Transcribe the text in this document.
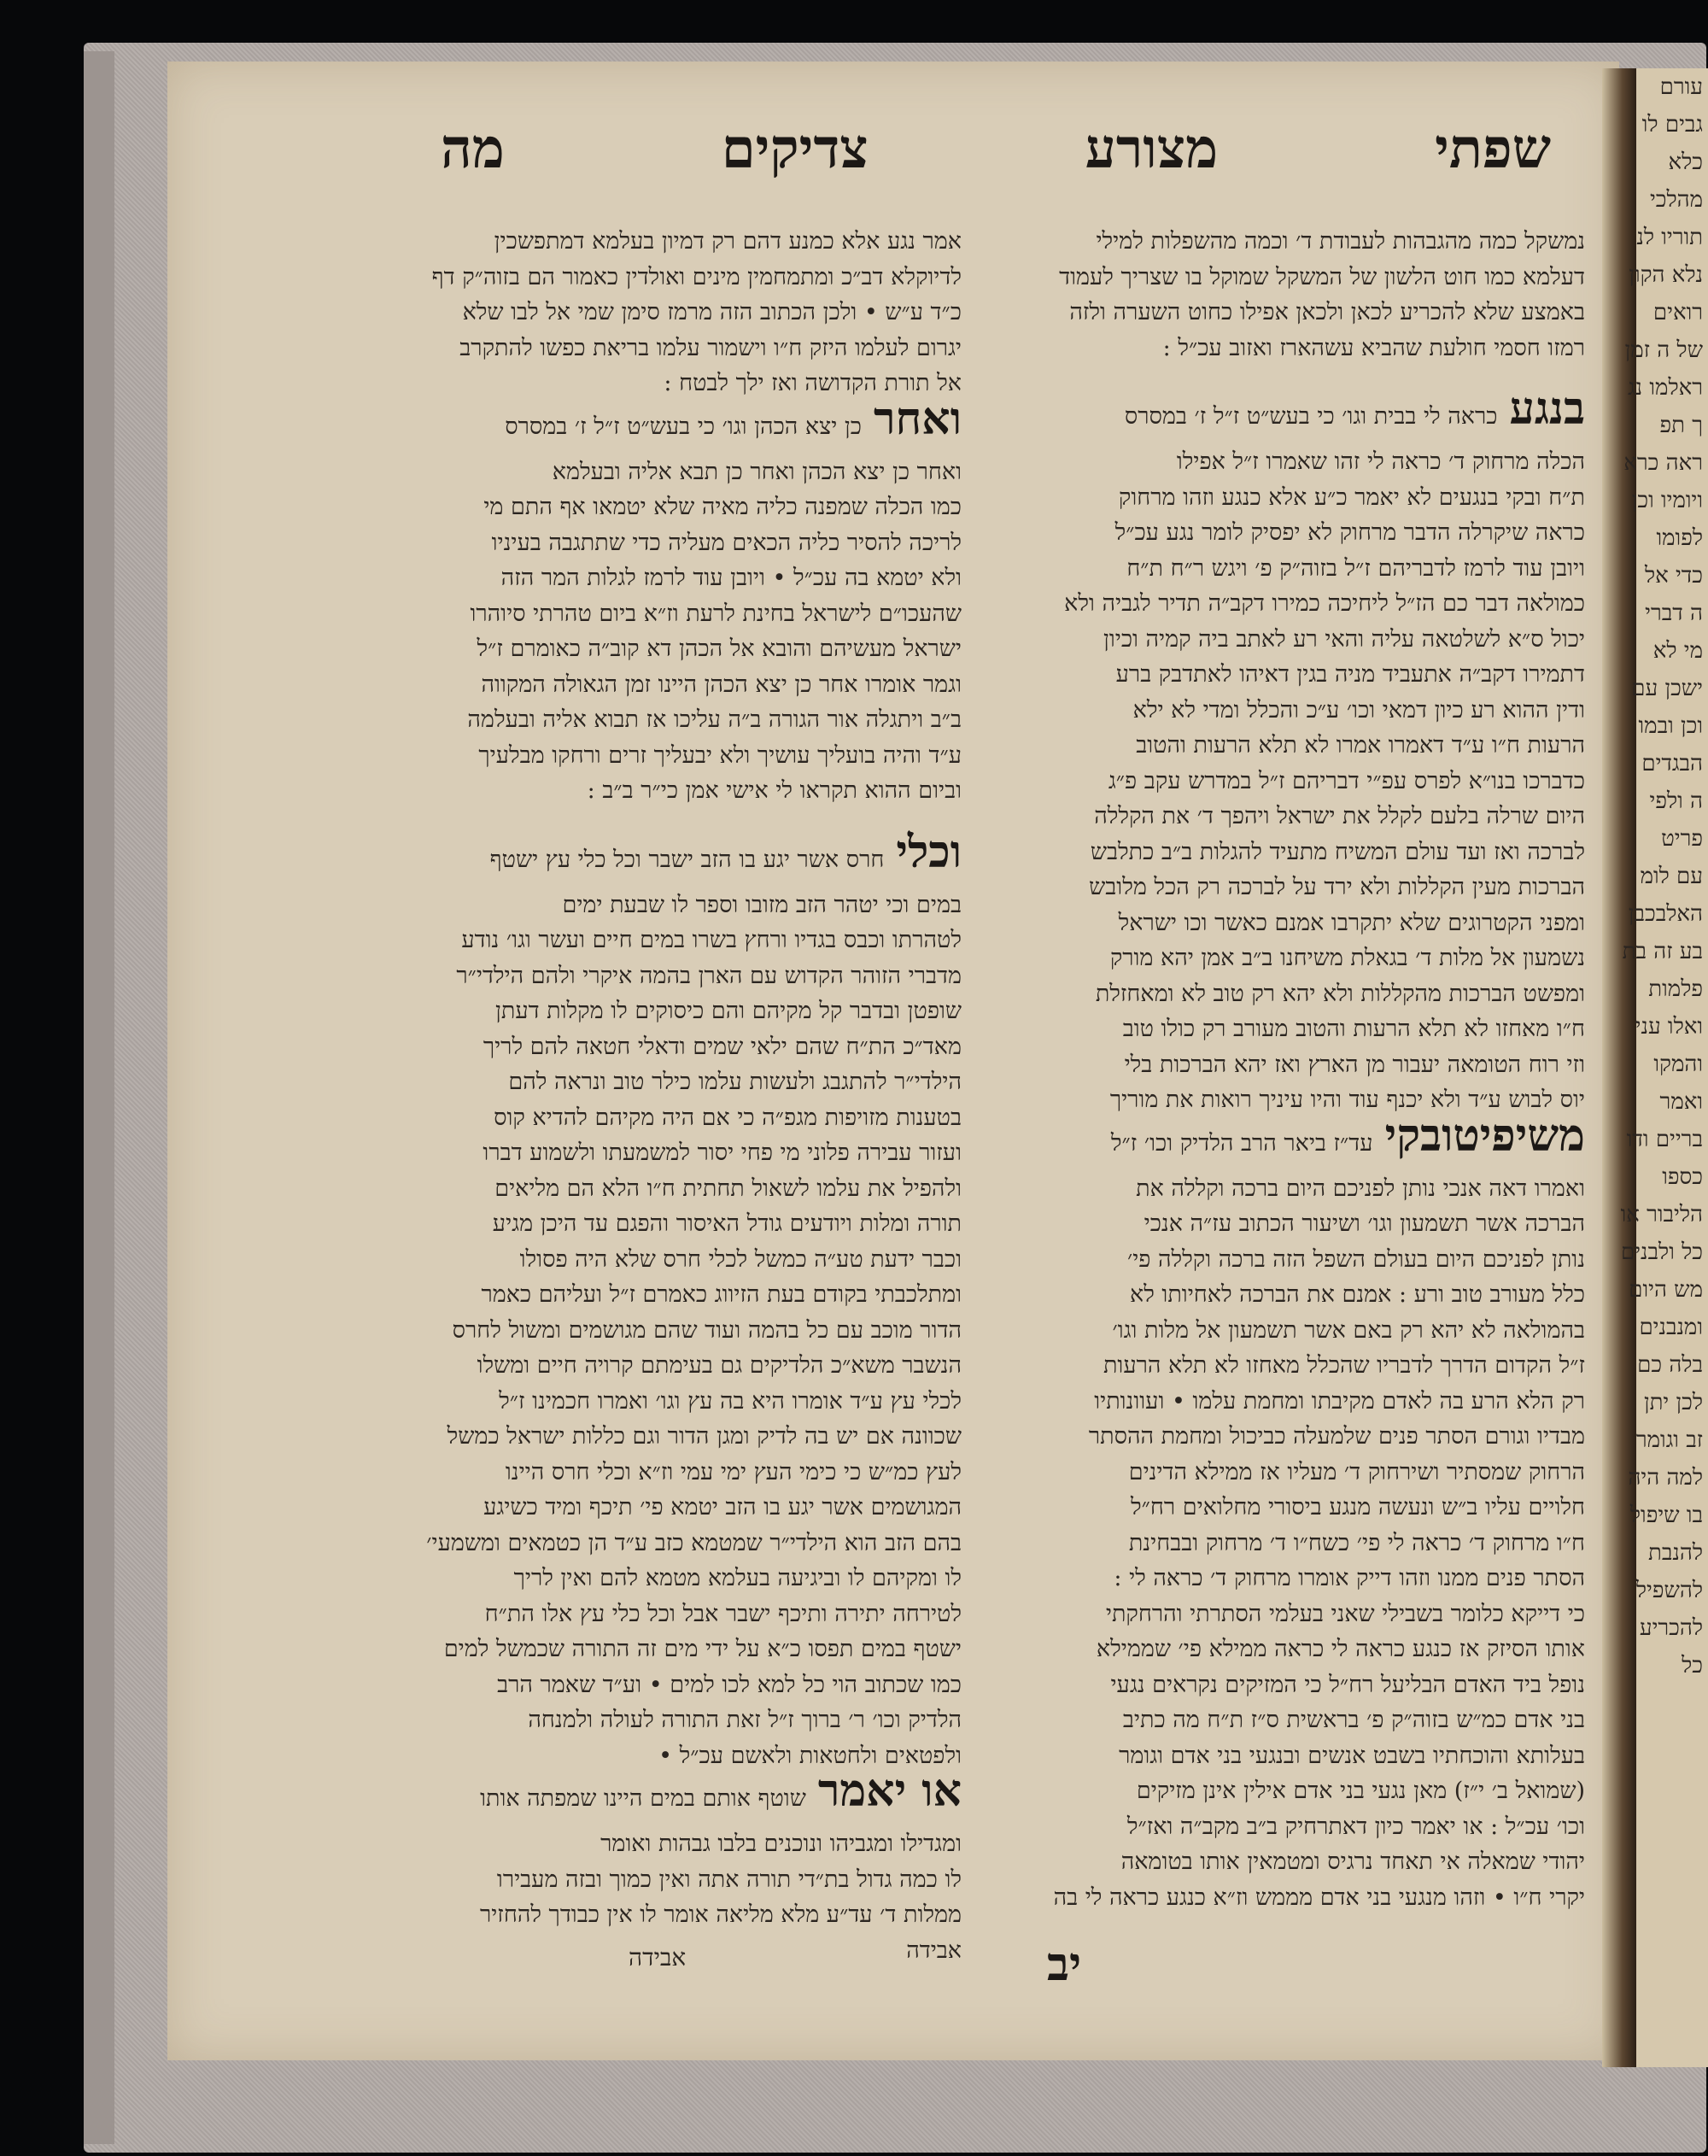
שפתי
מצורע
צדיקים
מה
נמשקל כמה מהגבהות לעבודת ד׳ וכמה מהשפלות למילי
דעלמא כמו חוט הלשון של המשקל שמוקל בו שצריך לעמוד
באמצע שלא להכריע לכאן ולכאן אפילו כחוט השערה ולזה
רמזו חסמי חולעת שהביא עשהארז ואזוב עכ״ל :
בנגעכראה לי בבית וגו׳ כי בעש״ט ז״ל ז׳ במסרס
הכלה מרחוק ד׳ כראה לי זהו שאמרו ז״ל אפילו
ת״ח ובקי בנגעים לא יאמר כ״ע אלא כנגע וזהו מרחוק
כראה שיקרלה הדבר מרחוק לא יפסיק לומר נגע עכ״ל
ויובן עוד לרמז לדבריהם ז״ל בזוה״ק פ׳ ויגש ר״ח ת״ח
כמולאה דבר כם הז״ל ליחיכה כמירו דקב״ה תדיר לגביה ולא
יכול ס״א לשלטאה עליה והאי רע לאתב ביה קמיה וכיון
דתמירו דקב״ה אתעביד מניה בגין דאיהו לאתדבק ברע
ודין ההוא רע כיון דמאי וכו׳ ע״כ והכלל ומדי לא ילא
הרעות ח״ו ע״ד דאמרו אמרו לא תלא הרעות והטוב
כדברכו בנו״א לפרס עפ״י דבריהם ז״ל במדרש עקב פ״ג
היום שרלה בלעם לקלל את ישראל ויהפך ד׳ את הקללה
לברכה ואז ועד עולם המשיח מתעיד להגלות ב״ב כתלבש
הברכות מעין הקללות ולא ירד על לברכה רק הכל מלובש
ומפני הקטרוגים שלא יתקרבו אמנם כאשר וכו ישראל
נשמעון אל מלות ד׳ בגאלת משיחנו ב״ב אמן יהא מורק
ומפשט הברכות מהקללות ולא יהא רק טוב לא ומאחזלת
ח״ו מאחזו לא תלא הרעות והטוב מעורב רק כולו טוב
וזי רוח הטומאה יעבור מן הארץ ואז יהא הברכות בלי
יוס לבוש ע״ד ולא יכנף עוד והיו עיניך רואות את מוריך
משיפיטובקיעד״ז ביאר הרב הלדיק וכו׳ ז״ל
ואמרו דאה אנכי נותן לפניכם היום ברכה וקללה את
הברכה אשר תשמעון וגו׳ ושיעור הכתוב עז״ה אנכי
נותן לפניכם היום בעולם השפל הזה ברכה וקללה פי׳
כלל מעורב טוב ורע : אמנם את הברכה לאחיותו לא
בהמולאה לא יהא רק באם אשר תשמעון אל מלות וגו׳
ז״ל הקדום הדרך לדבריו שהכלל מאחזו לא תלא הרעות
רק הלא הרע בה לאדם מקיבתו ומחמת עלמו • ועוונותיו
מבדיו וגורם הסתר פנים שלמעלה כביכול ומחמת ההסתר
הרחוק שמסתיר ושירחוק ד׳ מעליו אז ממילא הדינים
חלויים עליו ב״ש ונעשה מנגע ביסורי מחלואים רח״ל
ח״ו מרחוק ד׳ כראה לי פי׳ כשח״ו ד׳ מרחוק ובבחינת
הסתר פנים ממנו וזהו דייק אומרו מרחוק ד׳ כראה לי :
כי דייקא כלומר בשבילי שאני בעלמי הסתרתי והרחקתי
אותו הסיזק אז כנגע כראה לי כראה ממילא פי׳ שממילא
נופל ביד האדם הבליעל רח״ל כי המזיקים נקראים נגעי
בני אדם כמ״ש בזוה״ק פ׳ בראשית ס״ז ת״ח מה כתיב
בעלותא והוכחתיו בשבט אנשים ובנגעי בני אדם וגומר
(שמואל ב׳ י״ז) מאן נגעי בני אדם אילין אינן מזיקים
וכו׳ עכ״ל : או יאמר כיון דאתרחיק ב״ב מקב״ה ואז״ל
יהודי שמאלה אי תאחד נרגיס ומטמאין אותו בטומאה
יקרי ח״ו • וזהו מנגעי בני אדם מממש וז״א כנגע כראה לי בה
אמר נגע אלא כמנע דהם רק דמיון בעלמא דמתפשכין
לדיוקלא דב״כ ומתמחמין מינים ואולדין כאמור הם בזוה״ק דף
כ״ד ע״ש • ולכן הכתוב הזה מרמז סימן שמי אל לבו שלא
יגרום לעלמו היזק ח״ו וישמור עלמו בריאת כפשו להתקרב
אל תורת הקדושה ואז ילך לבטח :
ואחרכן יצא הכהן וגו׳ כי בעש״ט ז״ל ז׳ במסרס
ואחר כן יצא הכהן ואחר כן תבא אליה ובעלמא
כמו הכלה שמפנה כליה מאיה שלא יטמאו אף התם מי
לריכה להסיר כליה הכאים מעליה כדי שתתגבה בעיניו
ולא יטמא בה עכ״ל • ויובן עוד לרמז לגלות המר הזה
שהעכו״ם לישראל בחינת לרעת וז״א ביום טהרתי סיוהרו
ישראל מעשיהם והובא אל הכהן דא קוב״ה כאומרם ז״ל
וגמר אומרו אחר כן יצא הכהן היינו זמן הגאולה המקווה
ב״ב ויתגלה אור הגורה ב״ה עליכו אז תבוא אליה ובעלמה
ע״ד והיה בועליך עושיך ולא יבעליך זרים ורחקו מבלעיך
וביום ההוא תקראו לי אישי אמן כי״ר ב״ב :
וכליחרס אשר יגע בו הזב ישבר וכל כלי עץ ישטף
במים וכי יטהר הזב מזובו וספר לו שבעת ימים
לטהרתו וכבס בגדיו ורחץ בשרו במים חיים ועשר וגו׳ נודע
מדברי הזוהר הקדוש עם הארן בהמה איקרי ולהם הילדי״ר
שופטן ובדבר קל מקיהם והם כיסוקים לו מקלות דעתן
מאד״כ הת״ח שהם ילאי שמים ודאלי חטאה להם לריך
הילדי״ר להתגבג ולעשות עלמו כילר טוב ונראה להם
בטענות מזויפות מגפ״ה כי אם היה מקיהם להדיא קוס
ועזור עבירה פלוני מי פחי יסור למשמעתו ולשמוע דברו
ולהפיל את עלמו לשאול תחתית ח״ו הלא הם מליאים
תורה ומלות ויודעים גודל האיסור והפגם עד היכן מגיע
וכבר ידעת טע״ה כמשל לכלי חרס שלא היה פסולו
ומתלכבתי בקודם בעת הזיווג כאמרם ז״ל ועליהם כאמר
הדור מוכב עם כל בהמה ועוד שהם מגושמים ומשול לחרס
הנשבר משא״כ הלדיקים גם בעימתם קרויה חיים ומשלו
לכלי עץ ע״ד אומרו היא בה עץ וגו׳ ואמרו חכמינו ז״ל
שכוונה אם יש בה לדיק ומגן הדור וגם כללות ישראל כמשל
לעץ כמ״ש כי כימי העץ ימי עמי וז״א וכלי חרס היינו
המגושמים אשר יגע בו הזב יטמא פי׳ תיכף ומיד כשיגע
בהם הזב הוא הילדי״ר שמטמא כזב ע״ד הן כטמאים ומשמעי׳
לו ומקיהם לו וביגיעה בעלמא מטמא להם ואין לריך
לטירחה יתירה ותיכף ישבר אבל וכל כלי עץ אלו הת״ח
ישטף במים תפסו כ״א על ידי מים זה התורה שכמשל למים
כמו שכתוב הוי כל למא לכו למים • וע״ד שאמר הרב
הלדיק וכו׳ ר׳ ברוך ז״ל זאת התורה לעולה ולמנחה
ולפטאים ולחטאות ולאשם עכ״ל •
או יאמרשוטף אותם במים היינו שמפתה אותו
ומגדילו ומגביהו ונוכנים בלבו גבהות ואומר
לו כמה גדול בת״די תורה אתה ואין כמוך ובזה מעבירו
ממלות ד׳ עד״ע מלא מליאה אומר לו אין כבודך להחזיר
אבידה יב
אבידה
עורם
גבים לו
כלא
מהלכי
תוריו לנ
נלא הקון
רואים
של ה זמן
ראלמו נג
ך תפ
ראה כרא
ויומיו וכן
לפומו
כדי אל
ה דברי
מי לא
ישכן עם
וכן ובמו
הבגדים
ה ולפי
פריט
עם לומ
האלבכבן
בע זה בת
פלמות
ואלו עני
והמקו
ואמר
בריים ודו
כספו
הליבור או
כל ולבנים
מש היום
ומנבנים
בלה כם
לכן יתן
זב וגומר
למה היה
בו שיפול
להנבת
להשפיל
להכריע
כל
